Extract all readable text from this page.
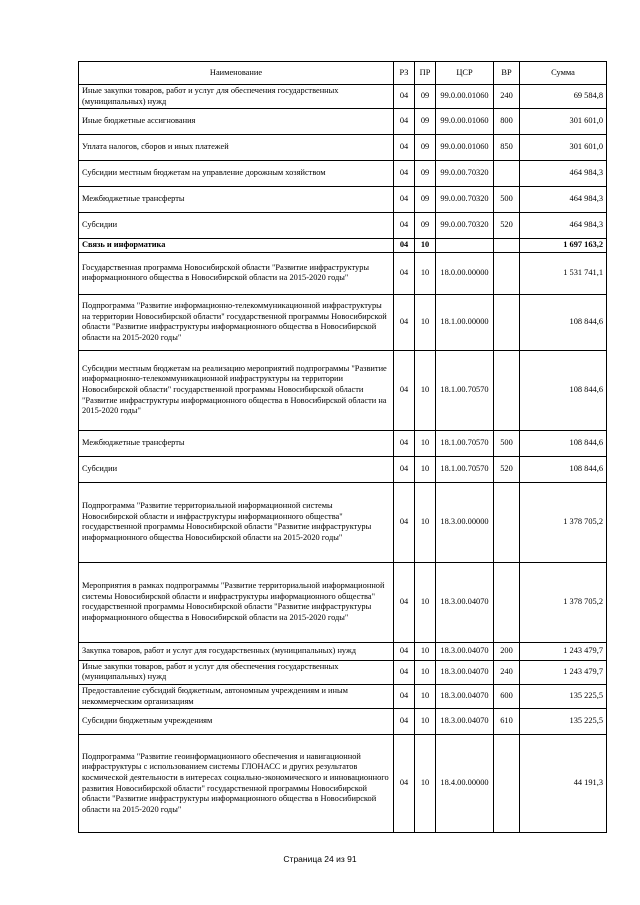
Наименование	РЗ	ПР	ЦСР	ВР	Сумма
Иные закупки товаров, работ и услуг для обеспечения государственных (муниципальных) нужд	04	09	99.0.00.01060	240	69 584,8
Иные бюджетные ассигнования	04	09	99.0.00.01060	800	301 601,0
Уплата налогов, сборов и иных платежей	04	09	99.0.00.01060	850	301 601,0
Субсидии местным бюджетам на управление дорожным хозяйством	04	09	99.0.00.70320		464 984,3
Межбюджетные трансферты	04	09	99.0.00.70320	500	464 984,3
Субсидии	04	09	99.0.00.70320	520	464 984,3
Связь и информатика	04	10			1 697 163,2
Государственная программа Новосибирской области "Развитие инфраструктуры информационного общества в Новосибирской области на 2015-2020 годы"	04	10	18.0.00.00000		1 531 741,1
Подпрограмма "Развитие информационно-телекоммуникационной инфраструктуры на территории Новосибирской области" государственной программы Новосибирской области "Развитие инфраструктуры информационного общества в Новосибирской области на 2015-2020 годы"	04	10	18.1.00.00000		108 844,6
Субсидии местным бюджетам на реализацию мероприятий подпрограммы "Развитие информационно-телекоммуникационной инфраструктуры на территории Новосибирской области" государственной программы Новосибирской области "Развитие инфраструктуры информационного общества в Новосибирской области на 2015-2020 годы"	04	10	18.1.00.70570		108 844,6
Межбюджетные трансферты	04	10	18.1.00.70570	500	108 844,6
Субсидии	04	10	18.1.00.70570	520	108 844,6
Подпрограмма "Развитие территориальной информационной системы Новосибирской области и инфраструктуры информационного общества" государственной программы Новосибирской области "Развитие инфраструктуры информационного общества Новосибирской области на 2015-2020 годы"	04	10	18.3.00.00000		1 378 705,2
Мероприятия в рамках подпрограммы "Развитие территориальной информационной системы Новосибирской области и инфраструктуры информационного общества" государственной программы Новосибирской области "Развитие инфраструктуры информационного общества в Новосибирской области на 2015-2020 годы"	04	10	18.3.00.04070		1 378 705,2
Закупка товаров, работ и услуг для государственных (муниципальных) нужд	04	10	18.3.00.04070	200	1 243 479,7
Иные закупки товаров, работ и услуг для обеспечения государственных (муниципальных) нужд	04	10	18.3.00.04070	240	1 243 479,7
Предоставление субсидий бюджетным, автономным учреждениям и иным некоммерческим организациям	04	10	18.3.00.04070	600	135 225,5
Субсидии бюджетным учреждениям	04	10	18.3.00.04070	610	135 225,5
Подпрограмма "Развитие геоинформационного обеспечения и навигационной инфраструктуры с использованием системы ГЛОНАСС и других результатов космической деятельности в интересах социально-экономического и инновационного развития Новосибирской области" государственной программы Новосибирской области "Развитие инфраструктуры информационного общества в Новосибирской области на 2015-2020 годы"	04	10	18.4.00.00000		44 191,3
Страница 24 из 91
